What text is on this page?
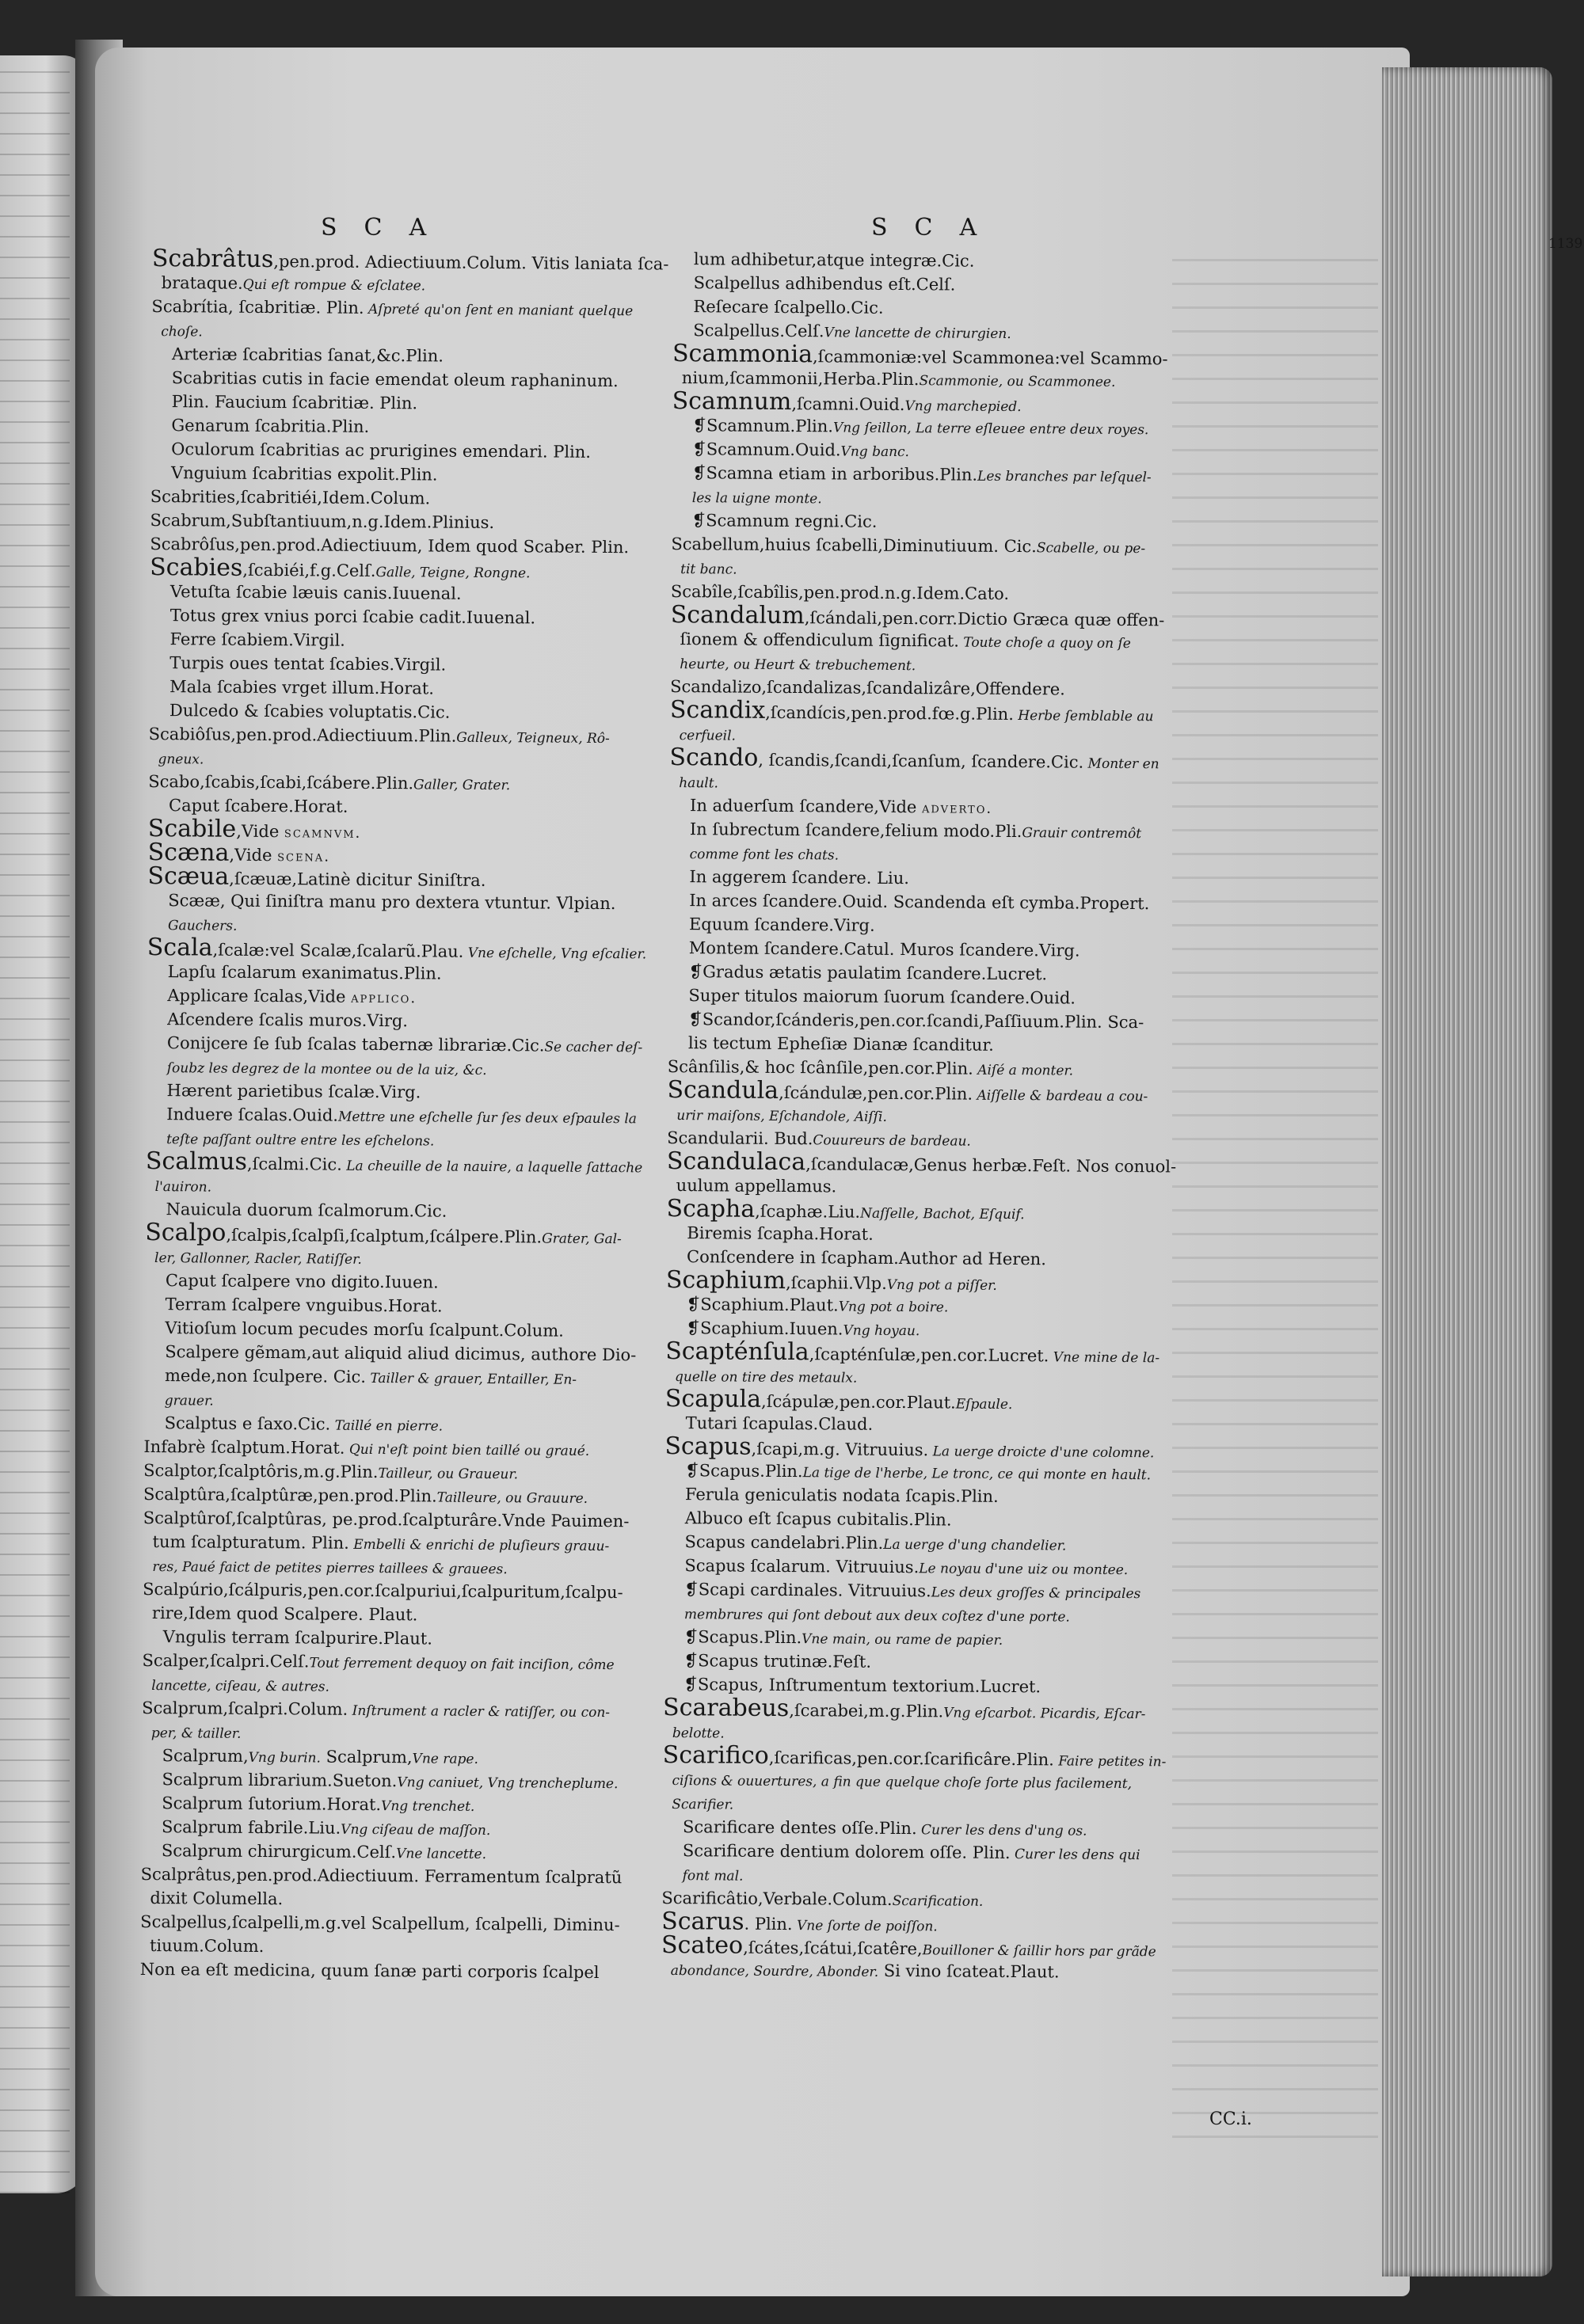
SCA	SCA
1139
Scabrâtus,pen.prod. Adiectiuum.Colum. Vitis laniata ſca-
brataque.Qui eſt rompue & eſclatee.
Scabrítia, ſcabritiæ. Plin. Aſpreté qu'on ſent en maniant quelque
choſe.
Arteriæ ſcabritias ſanat,&c.Plin.
Scabritias cutis in facie emendat oleum raphaninum.
Plin. Faucium ſcabritiæ. Plin.
Genarum ſcabritia.Plin.
Oculorum ſcabritias ac prurigines emendari. Plin.
Vnguium ſcabritias expolit.Plin.
Scabrities,ſcabritiéi,Idem.Colum.
Scabrum,Subſtantiuum,n.g.Idem.Plinius.
Scabrôſus,pen.prod.Adiectiuum, Idem quod Scaber. Plin.
Scabies,ſcabiéi,f.g.Celſ.Galle, Teigne, Rongne.
Vetuſta ſcabie læuis canis.Iuuenal.
Totus grex vnius porci ſcabie cadit.Iuuenal.
Ferre ſcabiem.Virgil.
Turpis oues tentat ſcabies.Virgil.
Mala ſcabies vrget illum.Horat.
Dulcedo & ſcabies voluptatis.Cic.
Scabiôſus,pen.prod.Adiectiuum.Plin.Galleux, Teigneux, Rô-
gneux.
Scabo,ſcabis,ſcabi,ſcábere.Plin.Galler, Grater.
Caput ſcabere.Horat.
Scabile,Vide scamnvm.
Scæna,Vide scena.
Scæua,ſcæuæ,Latinè dicitur Siniſtra.
Scææ, Qui ſiniſtra manu pro dextera vtuntur. Vlpian.
Gauchers.
Scala,ſcalæ:vel Scalæ,ſcalarũ.Plau. Vne eſchelle, Vng eſcalier.
Lapſu ſcalarum exanimatus.Plin.
Applicare ſcalas,Vide applico.
Aſcendere ſcalis muros.Virg.
Conijcere ſe ſub ſcalas tabernæ librariæ.Cic.Se cacher deſ-
ſoubz les degrez de la montee ou de la uiz, &c.
Hærent parietibus ſcalæ.Virg.
Induere ſcalas.Ouid.Mettre une eſchelle ſur ſes deux eſpaules la
teſte paſſant oultre entre les eſchelons.
Scalmus,ſcalmi.Cic. La cheuille de la nauire, a laquelle ſattache
l'auiron.
Nauicula duorum ſcalmorum.Cic.
Scalpo,ſcalpis,ſcalpſi,ſcalptum,ſcálpere.Plin.Grater, Gal-
ler, Gallonner, Racler, Ratiſſer.
Caput ſcalpere vno digito.Iuuen.
Terram ſcalpere vnguibus.Horat.
Vitioſum locum pecudes morſu ſcalpunt.Colum.
Scalpere gẽmam,aut aliquid aliud dicimus, authore Dio-
mede,non ſculpere. Cic. Tailler & grauer, Entailler, En-
grauer.
Scalptus e ſaxo.Cic. Taillé en pierre.
Infabrè ſcalptum.Horat. Qui n'eſt point bien taillé ou graué.
Scalptor,ſcalptôris,m.g.Plin.Tailleur, ou Graueur.
Scalptûra,ſcalptûræ,pen.prod.Plin.Tailleure, ou Grauure.
Scalptûroſ,ſcalptûras, pe.prod.ſcalpturâre.Vnde Pauimen-
tum ſcalpturatum. Plin. Embelli & enrichi de pluſieurs grauu-
res, Paué faict de petites pierres taillees & grauees.
Scalpúrio,ſcálpuris,pen.cor.ſcalpuriui,ſcalpuritum,ſcalpu-
rire,Idem quod Scalpere. Plaut.
Vngulis terram ſcalpurire.Plaut.
Scalper,ſcalpri.Celſ.Tout ferrement dequoy on fait inciſion, côme
lancette, ciſeau, & autres.
Scalprum,ſcalpri.Colum. Inſtrument a racler & ratiſſer, ou con-
per, & tailler.
Scalprum,Vng burin. Scalprum,Vne rape.
Scalprum librarium.Sueton.Vng caniuet, Vng trencheplume.
Scalprum ſutorium.Horat.Vng trenchet.
Scalprum fabrile.Liu.Vng ciſeau de maſſon.
Scalprum chirurgicum.Celſ.Vne lancette.
Scalprâtus,pen.prod.Adiectiuum. Ferramentum ſcalpratũ
dixit Columella.
Scalpellus,ſcalpelli,m.g.vel Scalpellum, ſcalpelli, Diminu-
tiuum.Colum.
Non ea eſt medicina, quum ſanæ parti corporis ſcalpel
lum adhibetur,atque integræ.Cic.
Scalpellus adhibendus eſt.Celſ.
Reſecare ſcalpello.Cic.
Scalpellus.Celſ.Vne lancette de chirurgien.
Scammonia,ſcammoniæ:vel Scammonea:vel Scammo-
nium,ſcammonii,Herba.Plin.Scammonie, ou Scammonee.
Scamnum,ſcamni.Ouid.Vng marchepied.
❡Scamnum.Plin.Vng ſeillon, La terre eſleuee entre deux royes.
❡Scamnum.Ouid.Vng banc.
❡Scamna etiam in arboribus.Plin.Les branches par leſquel-
les la uigne monte.
❡Scamnum regni.Cic.
Scabellum,huius ſcabelli,Diminutiuum. Cic.Scabelle, ou pe-
tit banc.
Scabîle,ſcabîlis,pen.prod.n.g.Idem.Cato.
Scandalum,ſcándali,pen.corr.Dictio Græca quæ offen-
ſionem & offendiculum ſignificat. Toute choſe a quoy on ſe
heurte, ou Heurt & trebuchement.
Scandalizo,ſcandalizas,ſcandalizâre,Offendere.
Scandix,ſcandícis,pen.prod.fœ.g.Plin. Herbe ſemblable au
cerfueil.
Scando, ſcandis,ſcandi,ſcanſum, ſcandere.Cic. Monter en
hault.
In aduerſum ſcandere,Vide adverto.
In ſubrectum ſcandere,felium modo.Pli.Grauir contremôt
comme font les chats.
In aggerem ſcandere. Liu.
In arces ſcandere.Ouid. Scandenda eſt cymba.Propert.
Equum ſcandere.Virg.
Montem ſcandere.Catul. Muros ſcandere.Virg.
❡Gradus ætatis paulatim ſcandere.Lucret.
Super titulos maiorum ſuorum ſcandere.Ouid.
❡Scandor,ſcánderis,pen.cor.ſcandi,Paſſiuum.Plin. Sca-
lis tectum Epheſiæ Dianæ ſcanditur.
Scânſilis,& hoc ſcânſile,pen.cor.Plin. Aiſé a monter.
Scandula,ſcándulæ,pen.cor.Plin. Aiſſelle & bardeau a cou-
urir maiſons, Eſchandole, Aiſſi.
Scandularii. Bud.Couureurs de bardeau.
Scandulaca,ſcandulacæ,Genus herbæ.Feſt. Nos conuol-
uulum appellamus.
Scapha,ſcaphæ.Liu.Naſſelle, Bachot, Eſquif.
Biremis ſcapha.Horat.
Conſcendere in ſcapham.Author ad Heren.
Scaphium,ſcaphii.Vlp.Vng pot a piſſer.
❡Scaphium.Plaut.Vng pot a boire.
❡Scaphium.Iuuen.Vng hoyau.
Scapténſula,ſcapténſulæ,pen.cor.Lucret. Vne mine de la-
quelle on tire des metaulx.
Scapula,ſcápulæ,pen.cor.Plaut.Eſpaule.
Tutari ſcapulas.Claud.
Scapus,ſcapi,m.g. Vitruuius. La uerge droicte d'une colomne.
❡Scapus.Plin.La tige de l'herbe, Le tronc, ce qui monte en hault.
Ferula geniculatis nodata ſcapis.Plin.
Albuco eſt ſcapus cubitalis.Plin.
Scapus candelabri.Plin.La uerge d'ung chandelier.
Scapus ſcalarum. Vitruuius.Le noyau d'une uiz ou montee.
❡Scapi cardinales. Vitruuius.Les deux groſſes & principales
membrures qui ſont debout aux deux coſtez d'une porte.
❡Scapus.Plin.Vne main, ou rame de papier.
❡Scapus trutinæ.Feſt.
❡Scapus, Inſtrumentum textorium.Lucret.
Scarabeus,ſcarabei,m.g.Plin.Vng eſcarbot. Picardis, Eſcar-
belotte.
Scarifico,ſcarificas,pen.cor.ſcarificâre.Plin. Faire petites in-
ciſions & ouuertures, a fin que quelque choſe ſorte plus facilement,
Scarifier.
Scarificare dentes oſſe.Plin. Curer les dens d'ung os.
Scarificare dentium dolorem oſſe. Plin. Curer les dens qui
font mal.
Scarificâtio,Verbale.Colum.Scarification.
Scarus. Plin. Vne ſorte de poiſſon.
Scateo,ſcátes,ſcátui,ſcatêre,Bouilloner & ſaillir hors par grãde
abondance, Sourdre, Abonder. Si vino ſcateat.Plaut.
CC.i.
